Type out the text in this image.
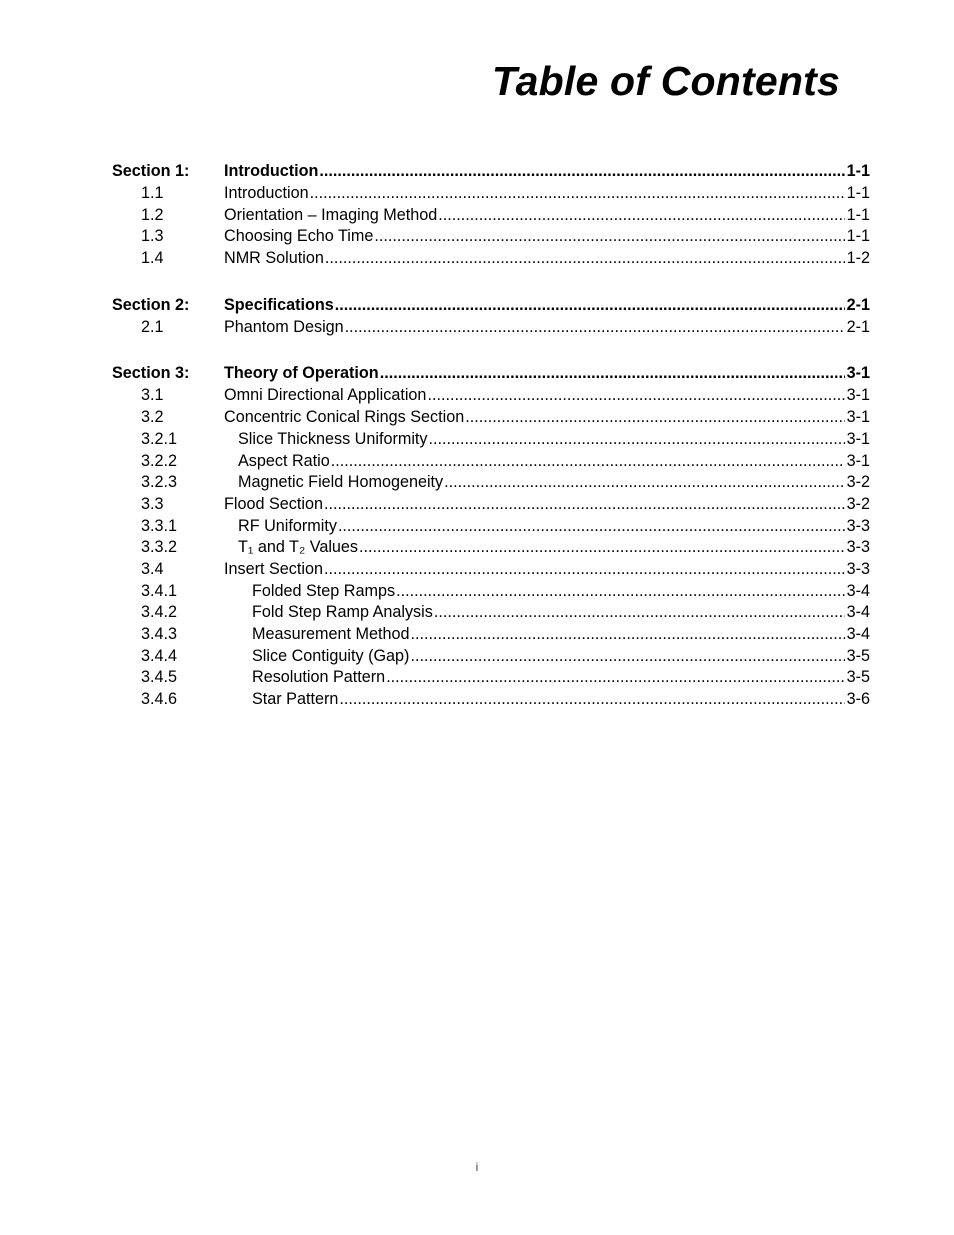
Table of Contents
Section 1:	Introduction .....	1-1
1.1	Introduction .....	1-1
1.2	Orientation – Imaging Method .....	1-1
1.3	Choosing Echo Time .....	1-1
1.4	NMR Solution .....	1-2
Section 2:	Specifications .....	2-1
2.1	Phantom Design .....	2-1
Section 3:	Theory of Operation .....	3-1
3.1	Omni Directional Application .....	3-1
3.2	Concentric Conical Rings Section .....	3-1
3.2.1	Slice Thickness Uniformity .....	3-1
3.2.2	Aspect Ratio .....	3-1
3.2.3	Magnetic Field Homogeneity .....	3-2
3.3	Flood Section .....	3-2
3.3.1	RF Uniformity .....	3-3
3.3.2	T₁ and T₂ Values .....	3-3
3.4	Insert Section .....	3-3
3.4.1	Folded Step Ramps .....	3-4
3.4.2	Fold Step Ramp Analysis .....	3-4
3.4.3	Measurement Method .....	3-4
3.4.4	Slice Contiguity (Gap) .....	3-5
3.4.5	Resolution Pattern .....	3-5
3.4.6	Star Pattern .....	3-6
i
